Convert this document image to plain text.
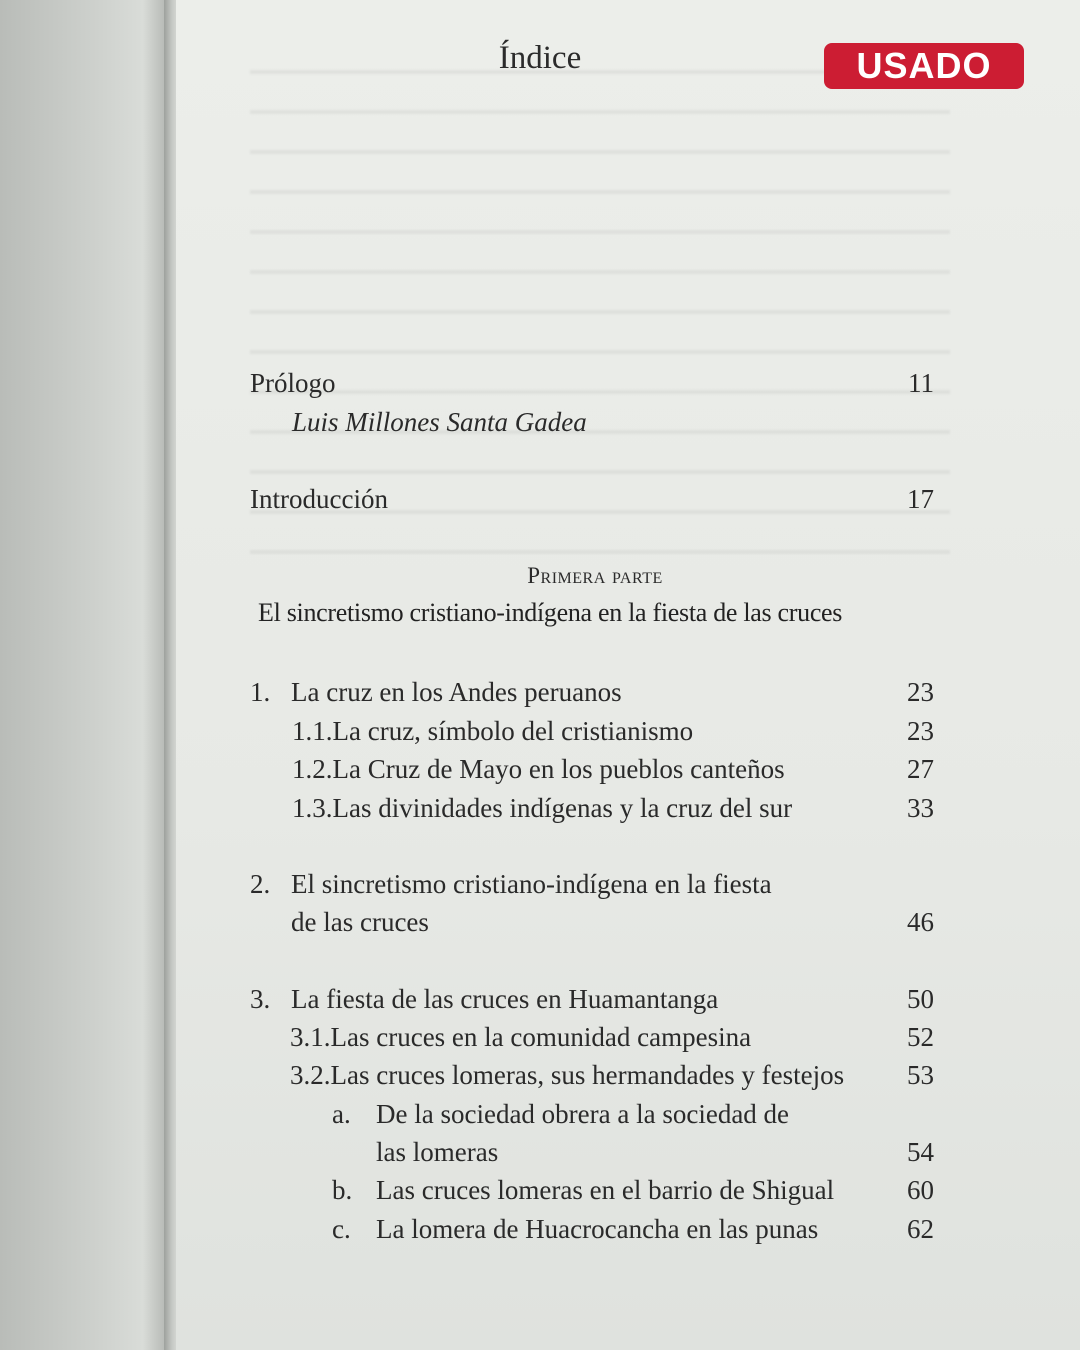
USADO
Índice
Prólogo	11
Luis Millones Santa Gadea
Introducción	17
Primera parte
El sincretismo cristiano-indígena en la fiesta de las cruces
1. La cruz en los Andes peruanos	23
1.1.La cruz, símbolo del cristianismo	23
1.2.La Cruz de Mayo en los pueblos canteños	27
1.3.Las divinidades indígenas y la cruz del sur	33
2. El sincretismo cristiano-indígena en la fiesta
de las cruces	46
3. La fiesta de las cruces en Huamantanga	50
3.1.Las cruces en la comunidad campesina	52
3.2.Las cruces lomeras, sus hermandades y festejos 53
a. De la sociedad obrera a la sociedad de
las lomeras	54
b. Las cruces lomeras en el barrio de Shigual	60
c. La lomera de Huacrocancha en las punas	62
